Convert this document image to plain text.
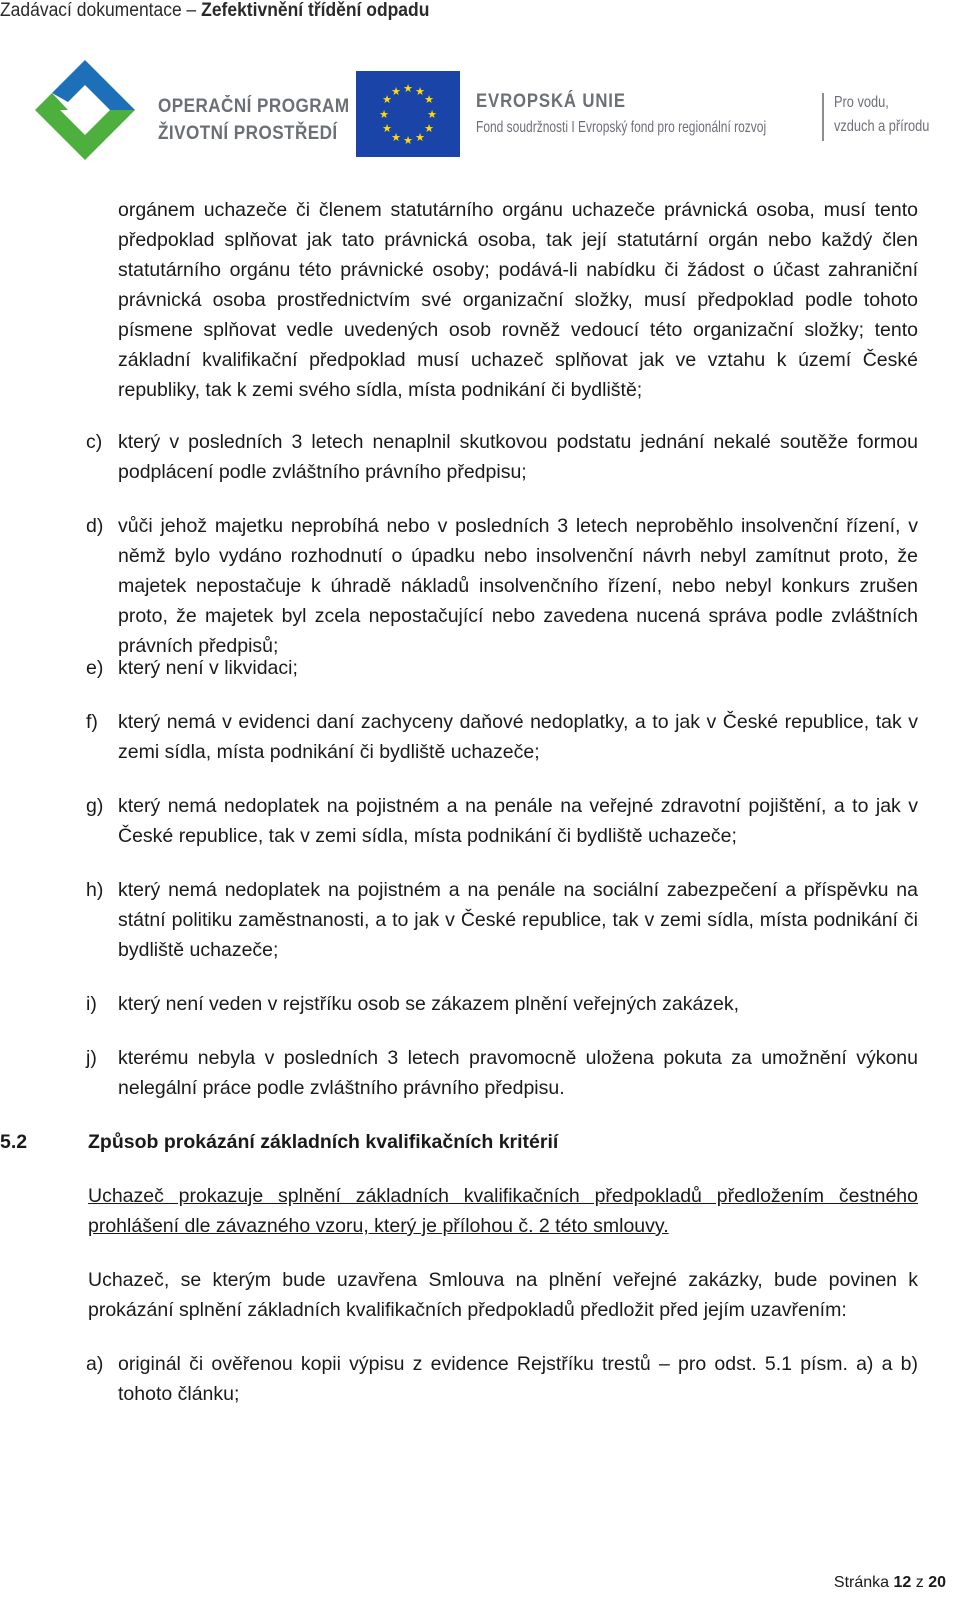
Zadávací dokumentace – Zefektivnění třídění odpadu
OPERAČNÍ PROGRAM
ŽIVOTNÍ PROSTŘEDÍ
★ ★
★
★
★
★
★
★
★
★
★
★	EVROPSKÁ UNIE
Fond soudržnosti I Evropský fond pro regionální rozvoj
Pro vodu,
vzduch a přírodu

orgánem uchazeče či členem statutárního orgánu uchazeče právnická osoba, musí tento předpoklad splňovat jak tato právnická osoba, tak její statutární orgán nebo každý člen statutárního orgánu této právnické osoby; podává-li nabídku či žádost o účast zahraniční právnická osoba prostřednictvím své organizační složky, musí předpoklad podle tohoto písmene splňovat vedle uvedených osob rovněž vedoucí této organizační složky; tento základní kvalifikační předpoklad musí uchazeč splňovat jak ve vztahu k území České republiky, tak k zemi svého sídla, místa podnikání či bydliště;

c) který v posledních 3 letech nenaplnil skutkovou podstatu jednání nekalé soutěže formou podplácení podle zvláštního právního předpisu;

d) vůči jehož majetku neprobíhá nebo v posledních 3 letech neproběhlo insolvenční řízení, v němž bylo vydáno rozhodnutí o úpadku nebo insolvenční návrh nebyl zamítnut proto, že majetek nepostačuje k úhradě nákladů insolvenčního řízení, nebo nebyl konkurs zrušen proto, že majetek byl zcela nepostačující nebo zavedena nucená správa podle zvláštních právních předpisů;

e) který není v likvidaci;

f) který nemá v evidenci daní zachyceny daňové nedoplatky, a to jak v České republice, tak v zemi sídla, místa podnikání či bydliště uchazeče;

g) který nemá nedoplatek na pojistném a na penále na veřejné zdravotní pojištění, a to jak v České republice, tak v zemi sídla, místa podnikání či bydliště uchazeče;

h) který nemá nedoplatek na pojistném a na penále na sociální zabezpečení a příspěvku na státní politiku zaměstnanosti, a to jak v České republice, tak v zemi sídla, místa podnikání či bydliště uchazeče;

i) který není veden v rejstříku osob se zákazem plnění veřejných zakázek,

j) kterému nebyla v posledních 3 letech pravomocně uložena pokuta za umožnění výkonu nelegální práce podle zvláštního právního předpisu.

5.2	Způsob prokázání základních kvalifikačních kritérií

Uchazeč prokazuje splnění základních kvalifikačních předpokladů předložením čestného prohlášení dle závazného vzoru, který je přílohou č. 2 této smlouvy.

Uchazeč, se kterým bude uzavřena Smlouva na plnění veřejné zakázky, bude povinen k prokázání splnění základních kvalifikačních předpokladů předložit před jejím uzavřením:

a) originál či ověřenou kopii výpisu z evidence Rejstříku trestů – pro odst. 5.1 písm. a) a b) tohoto článku;

Stránka 12 z 20
